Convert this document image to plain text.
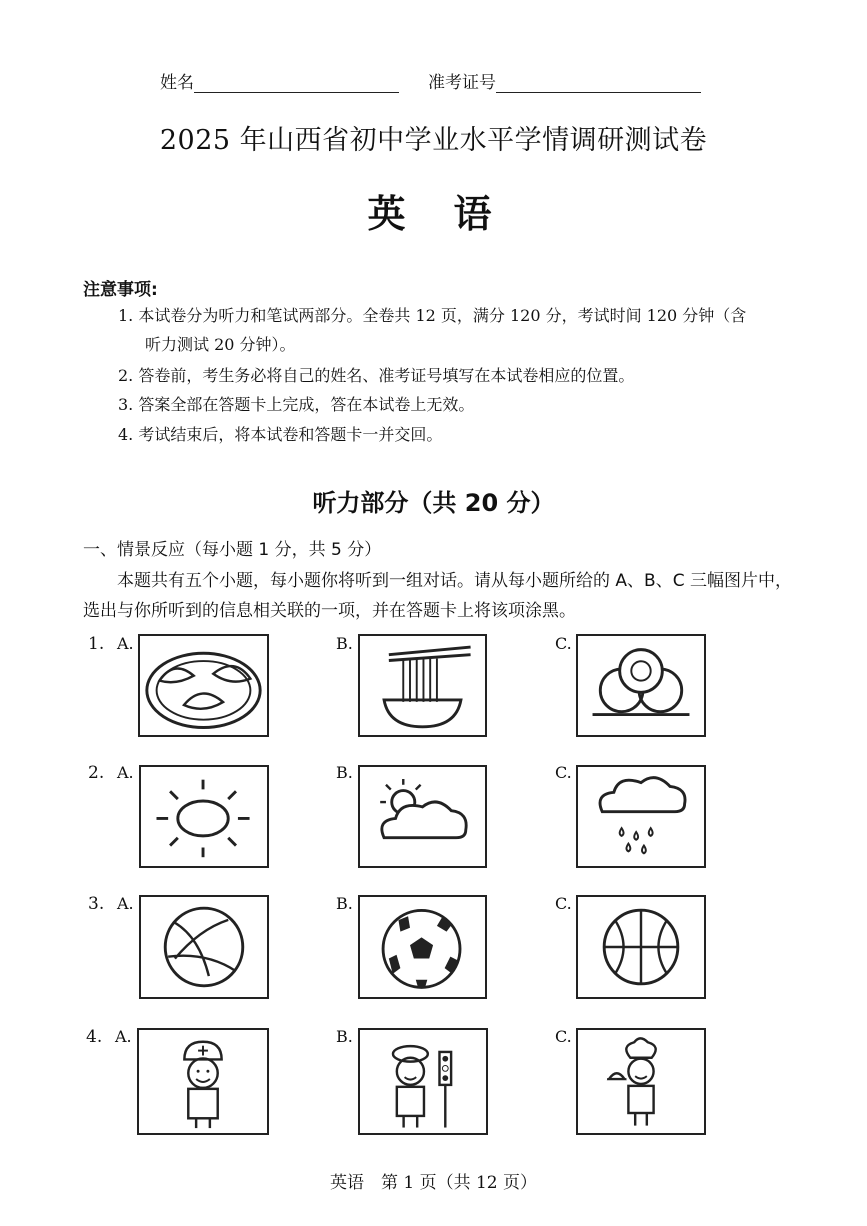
姓名	准考证号
2025 年山西省初中学业水平学情调研测试卷
英语
注意事项:
1. 本试卷分为听力和笔试两部分。全卷共 12 页，满分 120 分，考试时间 120 分钟（含
听力测试 20 分钟）。
2. 答卷前，考生务必将自己的姓名、准考证号填写在本试卷相应的位置。
3. 答案全部在答题卡上完成，答在本试卷上无效。
4. 考试结束后，将本试卷和答题卡一并交回。
听力部分（共 20 分）
一、情景反应（每小题 1 分，共 5 分）
本题共有五个小题，每小题你将听到一组对话。请从每小题所给的 A、B、C 三幅图片中，选出与你所听到的信息相关联的一项，并在答题卡上将该项涂黑。
1. A.	B.	C.
2. A.	B.	C.
3. A.	B.	C.
4. A.	B.	C.
英语　第 1 页（共 12 页）
